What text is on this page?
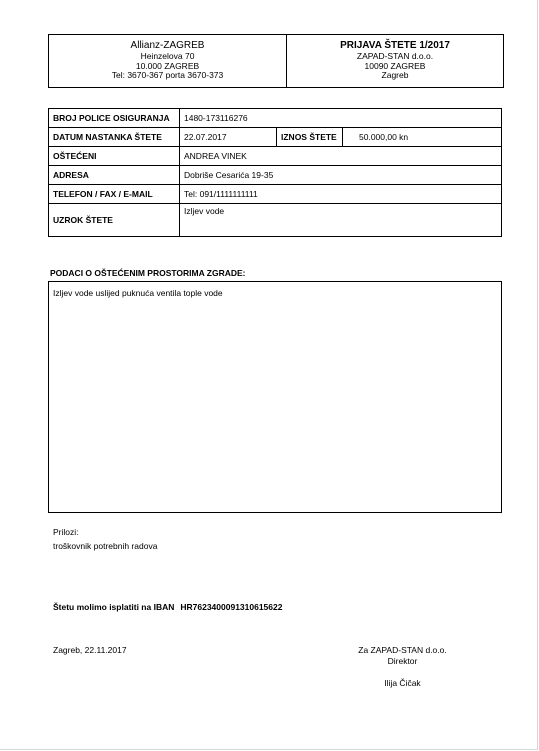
Allianz-ZAGREB
Heinzelova 70
10.000 ZAGREB
Tel: 3670-367 porta 3670-373
PRIJAVA ŠTETE 1/2017
ZAPAD-STAN d.o.o.
10090 ZAGREB
Zagreb
BROJ POLICE OSIGURANJA	1480-173116276		
DATUM NASTANKA ŠTETE	22.07.2017	IZNOS ŠTETE	50.000,00 kn
OŠTEĆENI	ANDREA VINEK		
ADRESA	Dobriše Cesarića 19-35		
TELEFON / FAX / E-MAIL	Tel: 091/1111111111		
UZROK ŠTETE	Izljev vode		
PODACI O OŠTEĆENIM PROSTORIMA ZGRADE:
Izljev vode uslijed puknuća ventila tople vode
Prilozi:
troškovnik potrebnih radova
Štetu molimo isplatiti na IBAN HR7623400091310615622
Zagreb, 22.11.2017	Za ZAPAD-STAN d.o.o.
Direktor
Ilija Čičak
